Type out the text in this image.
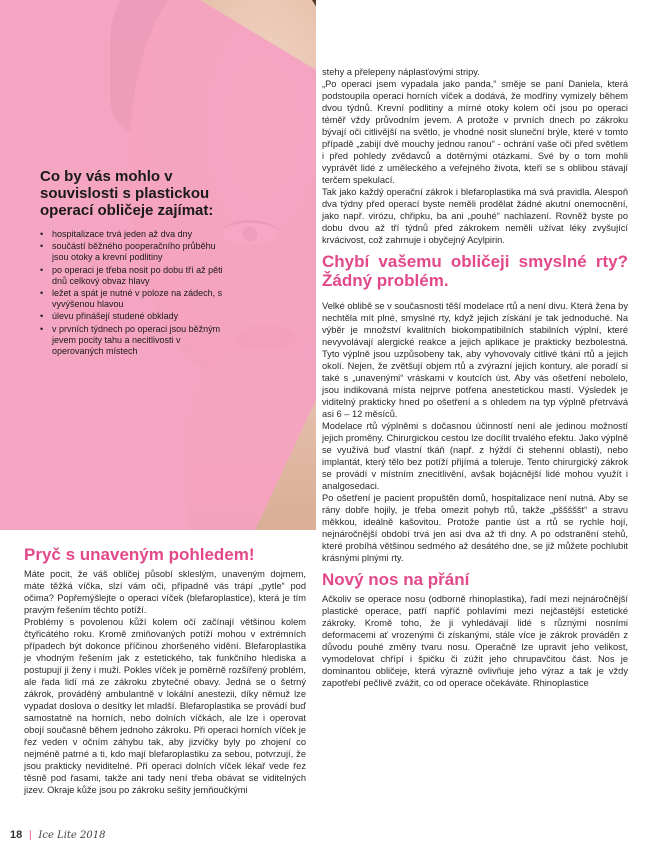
Co by vás mohlo v souvislosti s plastickou operací obličeje zajímat:
• hospitalizace trvá jeden až dva dny
• součástí běžného pooperačního průběhu jsou otoky a krevní podlitiny
• po operaci je třeba nosit po dobu tří až pěti dnů celkový obvaz hlavy
• ležet a spát je nutné v poloze na zádech, s vyvýšenou hlavou
• úlevu přinášejí studené obklady
• v prvních týdnech po operaci jsou běžným jevem pocity tahu a necitlivosti v operovaných místech
Pryč s unaveným pohledem!

Máte pocit, že váš obličej působí skleslým, unaveným dojmem, máte těžká víčka, slzí vám oči, případně vás trápí „pytle“ pod očima? Popřemýšlejte o operaci víček (blefaroplastice), která je tím pravým řešením těchto potíží.

Problémy s povolenou kůží kolem očí začínají většinou kolem čtyřicátého roku. Kromě zmiňovaných potíží mohou v extrémních případech být dokonce příčinou zhoršeného vidění. Blefaroplastika je vhodným řešením jak z estetického, tak funkčního hlediska a postupují ji ženy i muži. Pokles víček je poměrně rozšířený problém, ale řada lidí má ze zákroku zbytečné obavy. Jedná se o šetrný zákrok, prováděný ambulantně v lokální anestezii, díky němuž lze vypadat doslova o desítky let mladší. Blefaroplastika se provádí buď samostatně na horních, nebo dolních víčkách, ale lze i operovat obojí současně během jednoho zákroku. Při operaci horních víček je řez veden v očním záhybu tak, aby jizvičky byly po zhojení co nejméně patrné a ti, kdo mají blefaroplastiku za sebou, potvrzují, že jsou prakticky neviditelné. Při operaci dolních víček lékař vede řez těsně pod řasami, takže ani tady není třeba obávat se viditelných jizev. Okraje kůže jsou po zákroku sešity jemňoučkými

stehy a přelepeny náplasťovými stripy.

„Po operaci jsem vypadala jako panda,“ směje se paní Daniela, která podstoupila operaci horních víček a dodává, že modřiny vymizely během dvou týdnů. Krevní podlitiny a mírné otoky kolem očí jsou po operaci téměř vždy průvodním jevem. A protože v prvních dnech po zákroku bývají oči citlivější na světlo, je vhodné nosit sluneční brýle, které v tomto případě „zabijí dvě mouchy jednou ranou“ - ochrání vaše oči před světlem i před pohledy zvědavců a dotěrnými otázkami. Své by o tom mohli vyprávět lidé z uměleckého a veřejného života, kteří se s oblibou stávají terčem spekulací.

Tak jako každý operační zákrok i blefaroplastika má svá pravidla. Alespoň dva týdny před operací byste neměli prodělat žádné akutní onemocnění, jako např. virózu, chřipku, ba ani „pouhé“ nachlazení. Rovněž byste po dobu dvou až tří týdnů před zákrokem neměli užívat léky zvyšující krvácivost, což zahrnuje i obyčejný Acylpirin.

Chybí vašemu obličeji smyslné rty? Žádný problém.

Velké oblibě se v současnosti těší modelace rtů a není divu. Která žena by nechtěla mít plné, smyslné rty, když jejich získání je tak jednoduché. Na výběr je množství kvalitních biokompatibilních stabilních výplní, které nevyvolávají alergické reakce a jejich aplikace je prakticky bezbolestná. Tyto výplně jsou uzpůsobeny tak, aby vyhovovaly citlivé tkáni rtů a jejich okolí. Nejen, že zvětšují objem rtů a zvýrazní jejich kontury, ale poradí si také s „unavenými“ vráskami v koutcích úst. Aby vás ošetření nebolelo, jsou indikovaná místa nejprve potřena anestetickou mastí. Výsledek je viditelný prakticky hned po ošetření a s ohledem na typ výplně přetrvává asi 6 – 12 měsíců.

Modelace rtů výplněmi s dočasnou účinností není ale jedinou možností jejich proměny. Chirurgickou cestou lze docílit trvalého efektu. Jako výplně se využívá buď vlastní tkáň (např. z hýždí či stehenní oblasti), nebo implantát, který tělo bez potíží přijímá a toleruje. Tento chirurgický zákrok se provádí v místním znecitlivění, avšak bojácnější lidé mohou využít i analgosedaci.

Po ošetření je pacient propuštěn domů, hospitalizace není nutná. Aby se rány dobře hojily, je třeba omezit pohyb rtů, takže „pšššššt“ a stravu měkkou, ideálně kašovitou. Protože pantie úst a rtů se rychle hojí, nejnáročnější období trvá jen asi dva až tři dny. A po odstranění stehů, které probíhá většinou sedmého až desátého dne, se již můžete pochlubit krásnými plnými rty.

Nový nos na přání

Ačkoliv se operace nosu (odborně rhinoplastika), řadí mezi nejnáročnější plastické operace, patří napříč pohlavími mezi nejčastější estetické zákroky. Kromě toho, že ji vyhledávají lidé s různými nosními deformacemi ať vrozenými či získanými, stále více je zákrok prováděn z důvodu pouhé změny tvaru nosu. Operačně lze upravit jeho velikost, vymodelovat chřípí i špičku či zúžit jeho chrupavčitou část. Nos je dominantou obličeje, která výrazně ovlivňuje jeho výraz a tak je vždy zapotřebí pečlivě zvážit, co od operace očekáváte. Rhinoplastice

18 | Ice Lite 2018
